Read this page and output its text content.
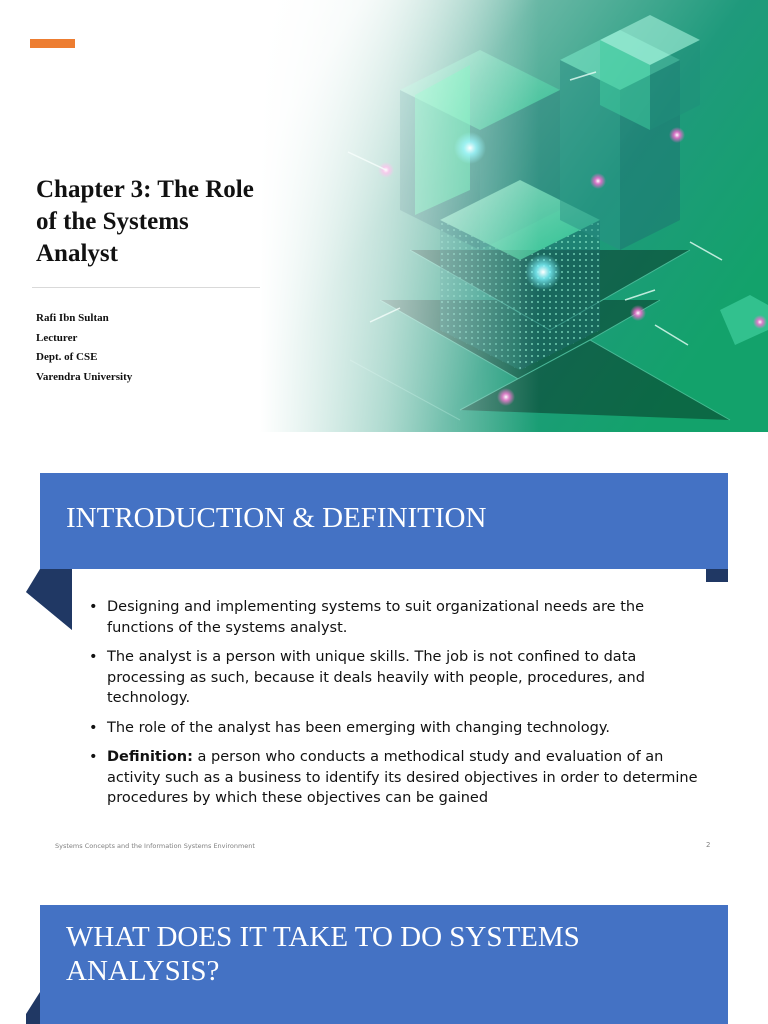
Chapter 3: The Role of the Systems Analyst
Rafi Ibn Sultan
Lecturer
Dept. of CSE
Varendra University
INTRODUCTION & DEFINITION
• Designing and implementing systems to suit organizational needs are the functions of the systems analyst.
• The analyst is a person with unique skills. The job is not confined to data processing as such, because it deals heavily with people, procedures, and technology.
• The role of the analyst has been emerging with changing technology.
• Definition: a person who conducts a methodical study and evaluation of an activity such as a business to identify its desired objectives in order to determine procedures by which these objectives can be gained
Systems Concepts and the Information Systems Environment	2
WHAT DOES IT TAKE TO DO SYSTEMS ANALYSIS?
